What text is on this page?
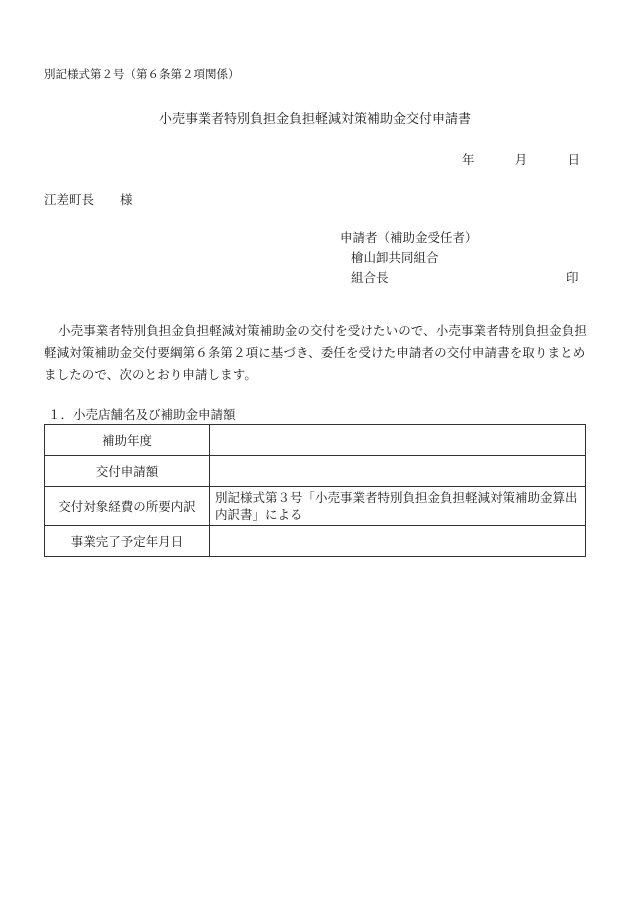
別記様式第２号（第６条第２項関係）
小売事業者特別負担金負担軽減対策補助金交付申請書
年	月	日
江差町長 様
申請者（補助金受任者）
檜山卸共同組合
組合長	印
小売事業者特別負担金負担軽減対策補助金の交付を受けたいので、小売事業者特別負担金負担軽減対策補助金交付要綱第６条第２項に基づき、委任を受けた申請者の交付申請書を取りまとめましたので、次のとおり申請します。
１．小売店舗名及び補助金申請額
補助年度	
交付申請額	
交付対象経費の所要内訳	別記様式第３号「小売事業者特別負担金負担軽減対策補助金算出内訳書」による
事業完了予定年月日	
